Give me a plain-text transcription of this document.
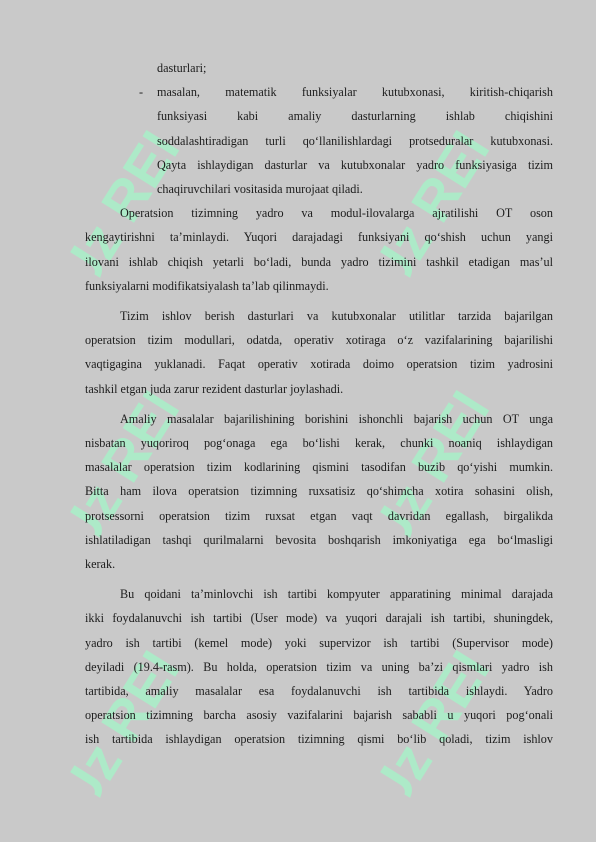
Uz REF
Uz REF
Uz REF
Uz REF
Uz REF
Uz REF

dasturlari;

- masalan, matematik funksiyalar kutubxonasi, kiritish-chiqarish

funksiyasi kabi amaliy dasturlarning ishlab chiqishini

soddalashtiradigan turli qo‘llanilishlardagi protseduralar kutubxonasi.

Qayta ishlaydigan dasturlar va kutubxonalar yadro funksiyasiga tizim

chaqiruvchilari vositasida murojaat qiladi.

Operatsion tizimning yadro va modul-ilovalarga ajratilishi OT oson

kengaytirishni ta’minlaydi. Yuqori darajadagi funksiyani qo‘shish uchun yangi

ilovani ishlab chiqish yetarli bo‘ladi, bunda yadro tizimini tashkil etadigan mas’ul

funksiyalarni modifikatsiyalash ta’lab qilinmaydi.

Tizim ishlov berish dasturlari va kutubxonalar utilitlar tarzida bajarilgan

operatsion tizim modullari, odatda, operativ xotiraga o‘z vazifalarining bajarilishi

vaqtigagina yuklanadi. Faqat operativ xotirada doimo operatsion tizim yadrosini

tashkil etgan juda zarur rezident dasturlar joylashadi.

Amaliy masalalar bajarilishining borishini ishonchli bajarish uchun OT unga

nisbatan yuqoriroq pog‘onaga ega bo‘lishi kerak, chunki noaniq ishlaydigan

masalalar operatsion tizim kodlarining qismini tasodifan buzib qo‘yishi mumkin.

Bitta ham ilova operatsion tizimning ruxsatisiz qo‘shimcha xotira sohasini olish,

protsessorni operatsion tizim ruxsat etgan vaqt davridan egallash, birgalikda

ishlatiladigan tashqi qurilmalarni bevosita boshqarish imkoniyatiga ega bo‘lmasligi

kerak.

Bu qoidani ta’minlovchi ish tartibi kompyuter apparatining minimal darajada

ikki foydalanuvchi ish tartibi (User mode) va yuqori darajali ish tartibi, shuningdek,

yadro ish tartibi (kemel mode) yoki supervizor ish tartibi (Supervisor mode)

deyiladi (19.4-rasm). Bu holda, operatsion tizim va uning ba’zi qismlari yadro ish

tartibida, amaliy masalalar esa foydalanuvchi ish tartibida ishlaydi. Yadro

operatsion tizimning barcha asosiy vazifalarini bajarish sababli u yuqori pog‘onali

ish tartibida ishlaydigan operatsion tizimning qismi bo‘lib qoladi, tizim ishlov
